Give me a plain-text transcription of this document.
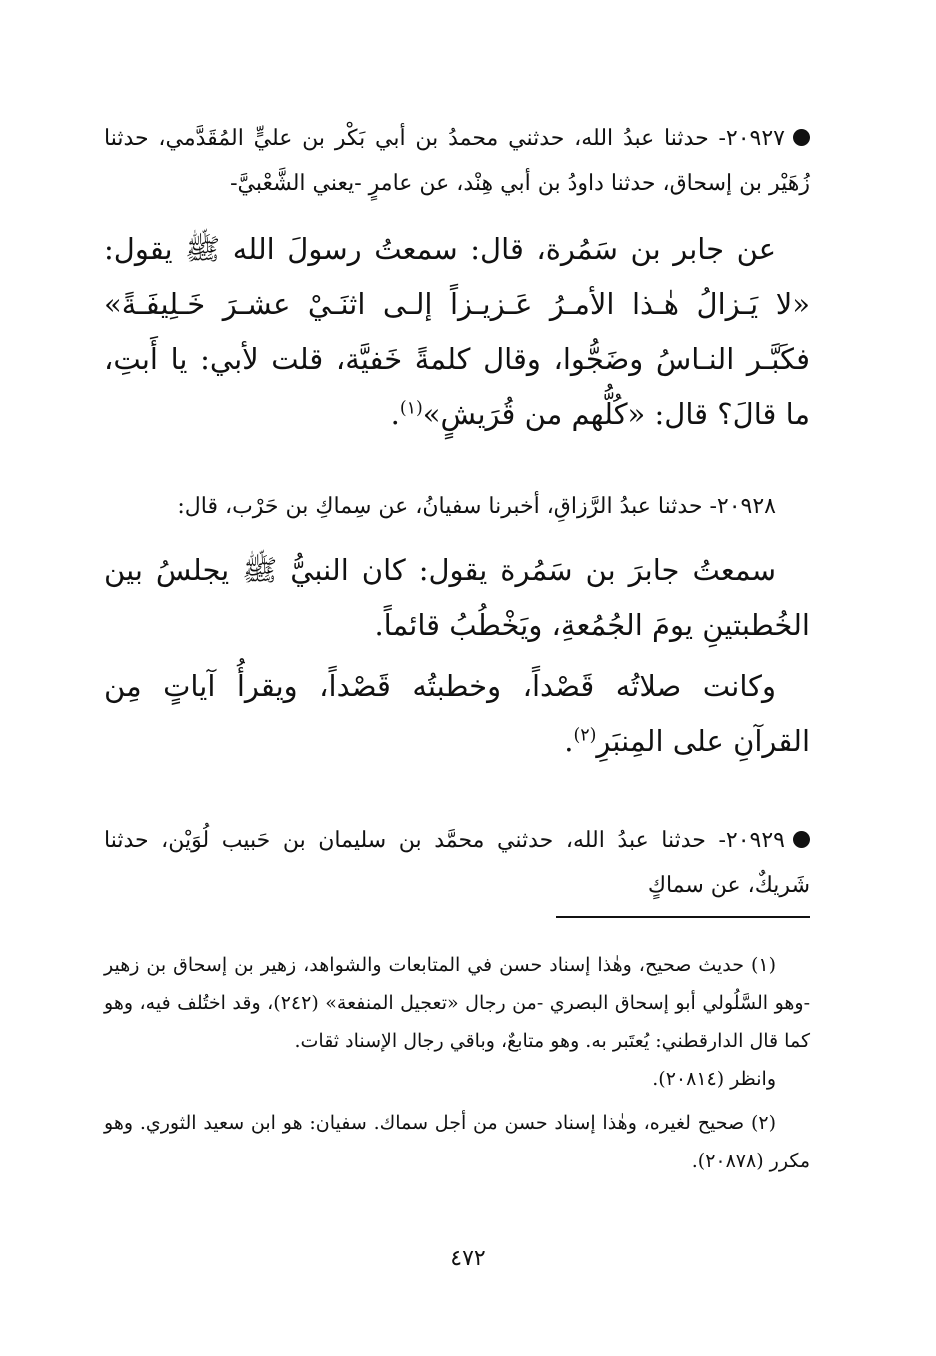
٢٠٩٢٧- حدثنا عبدُ الله، حدثني محمدُ بن أبي بَكْر بن عليٍّ المُقَدَّمي، حدثنا زُهَيْر بن إسحاق، حدثنا داودُ بن أبي هِنْد، عن عامرٍ -يعني الشَّعْبيَّ-

عن جابر بن سَمُرة، قال: سمعتُ رسولَ الله ﷺ يقول: «لا يَـزالُ هٰـذا الأمـرُ عَـزيـزاً إلـى اثنَـيْ عشـرَ خَـلِيفَـةً» فكَبَّـر النـاسُ وضَجُّوا، وقال كلمةً خَفيَّة، قلت لأبي: يا أَبتِ، ما قالَ؟ قال: «كُلُّهم من قُرَيشٍ»$^{(١)}$.

٢٠٩٢٨- حدثنا عبدُ الرَّزاقِ، أخبرنا سفيانُ، عن سِماكِ بن حَرْب، قال:

سمعتُ جابرَ بن سَمُرة يقول: كان النبيُّ ﷺ يجلسُ بين الخُطبتينِ يومَ الجُمُعةِ، ويَخْطُبُ قائماً.

وكانت صلاتُه قَصْداً، وخطبتُه قَصْداً، ويقرأُ آياتٍ مِن القرآنِ على المِنبَرِ$^{(٢)}$.

٢٠٩٢٩- حدثنا عبدُ الله، حدثني محمَّد بن سليمان بن حَبيب لُوَيْن، حدثنا شَريكٌ، عن سماكٍ

(١) حديث صحيح، وهٰذا إسناد حسن في المتابعات والشواهد، زهير بن إسحاق بن زهير -وهو السَّلُولي أبو إسحاق البصري -من رجال «تعجيل المنفعة» (٢٤٢)، وقد اختُلف فيه، وهو كما قال الدارقطني: يُعتَبر به. وهو متابعٌ، وباقي رجال الإسناد ثقات.

وانظر (٢٠٨١٤).

(٢) صحيح لغيره، وهٰذا إسناد حسن من أجل سماك. سفيان: هو ابن سعيد الثوري. وهو مكرر (٢٠٨٧٨).

٤٧٢
